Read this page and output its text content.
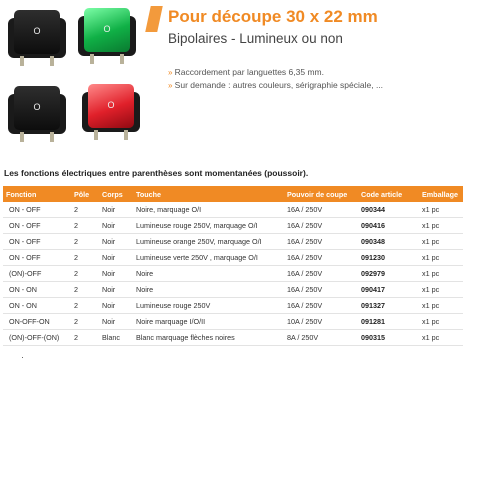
O	O
O	O
Pour découpe 30 x 22 mm
Bipolaires - Lumineux ou non
» Raccordement par languettes 6,35 mm.
» Sur demande : autres couleurs, sérigraphie spéciale, ...
Les fonctions électriques entre parenthèses sont momentanées (poussoir).
Fonction	Pôle	Corps	Touche	Pouvoir de coupe	Code article	Emballage
ON - OFF	2	Noir	Noire, marquage O/I	16A / 250V	090344	x1 pc
ON - OFF	2	Noir	Lumineuse rouge 250V, marquage O/I	16A / 250V	090416	x1 pc
ON - OFF	2	Noir	Lumineuse orange 250V, marquage O/I	16A / 250V	090348	x1 pc
ON - OFF	2	Noir	Lumineuse verte 250V , marquage O/I	16A / 250V	091230	x1 pc
(ON)-OFF	2	Noir	Noire	16A / 250V	092979	x1 pc
ON - ON	2	Noir	Noire	16A / 250V	090417	x1 pc
ON - ON	2	Noir	Lumineuse rouge 250V	16A / 250V	091327	x1 pc
ON-OFF-ON	2	Noir	Noire marquage I/O/II	10A / 250V	091281	x1 pc
(ON)-OFF-(ON)	2	Blanc	Blanc marquage flèches noires	8A / 250V	090315	x1 pc
